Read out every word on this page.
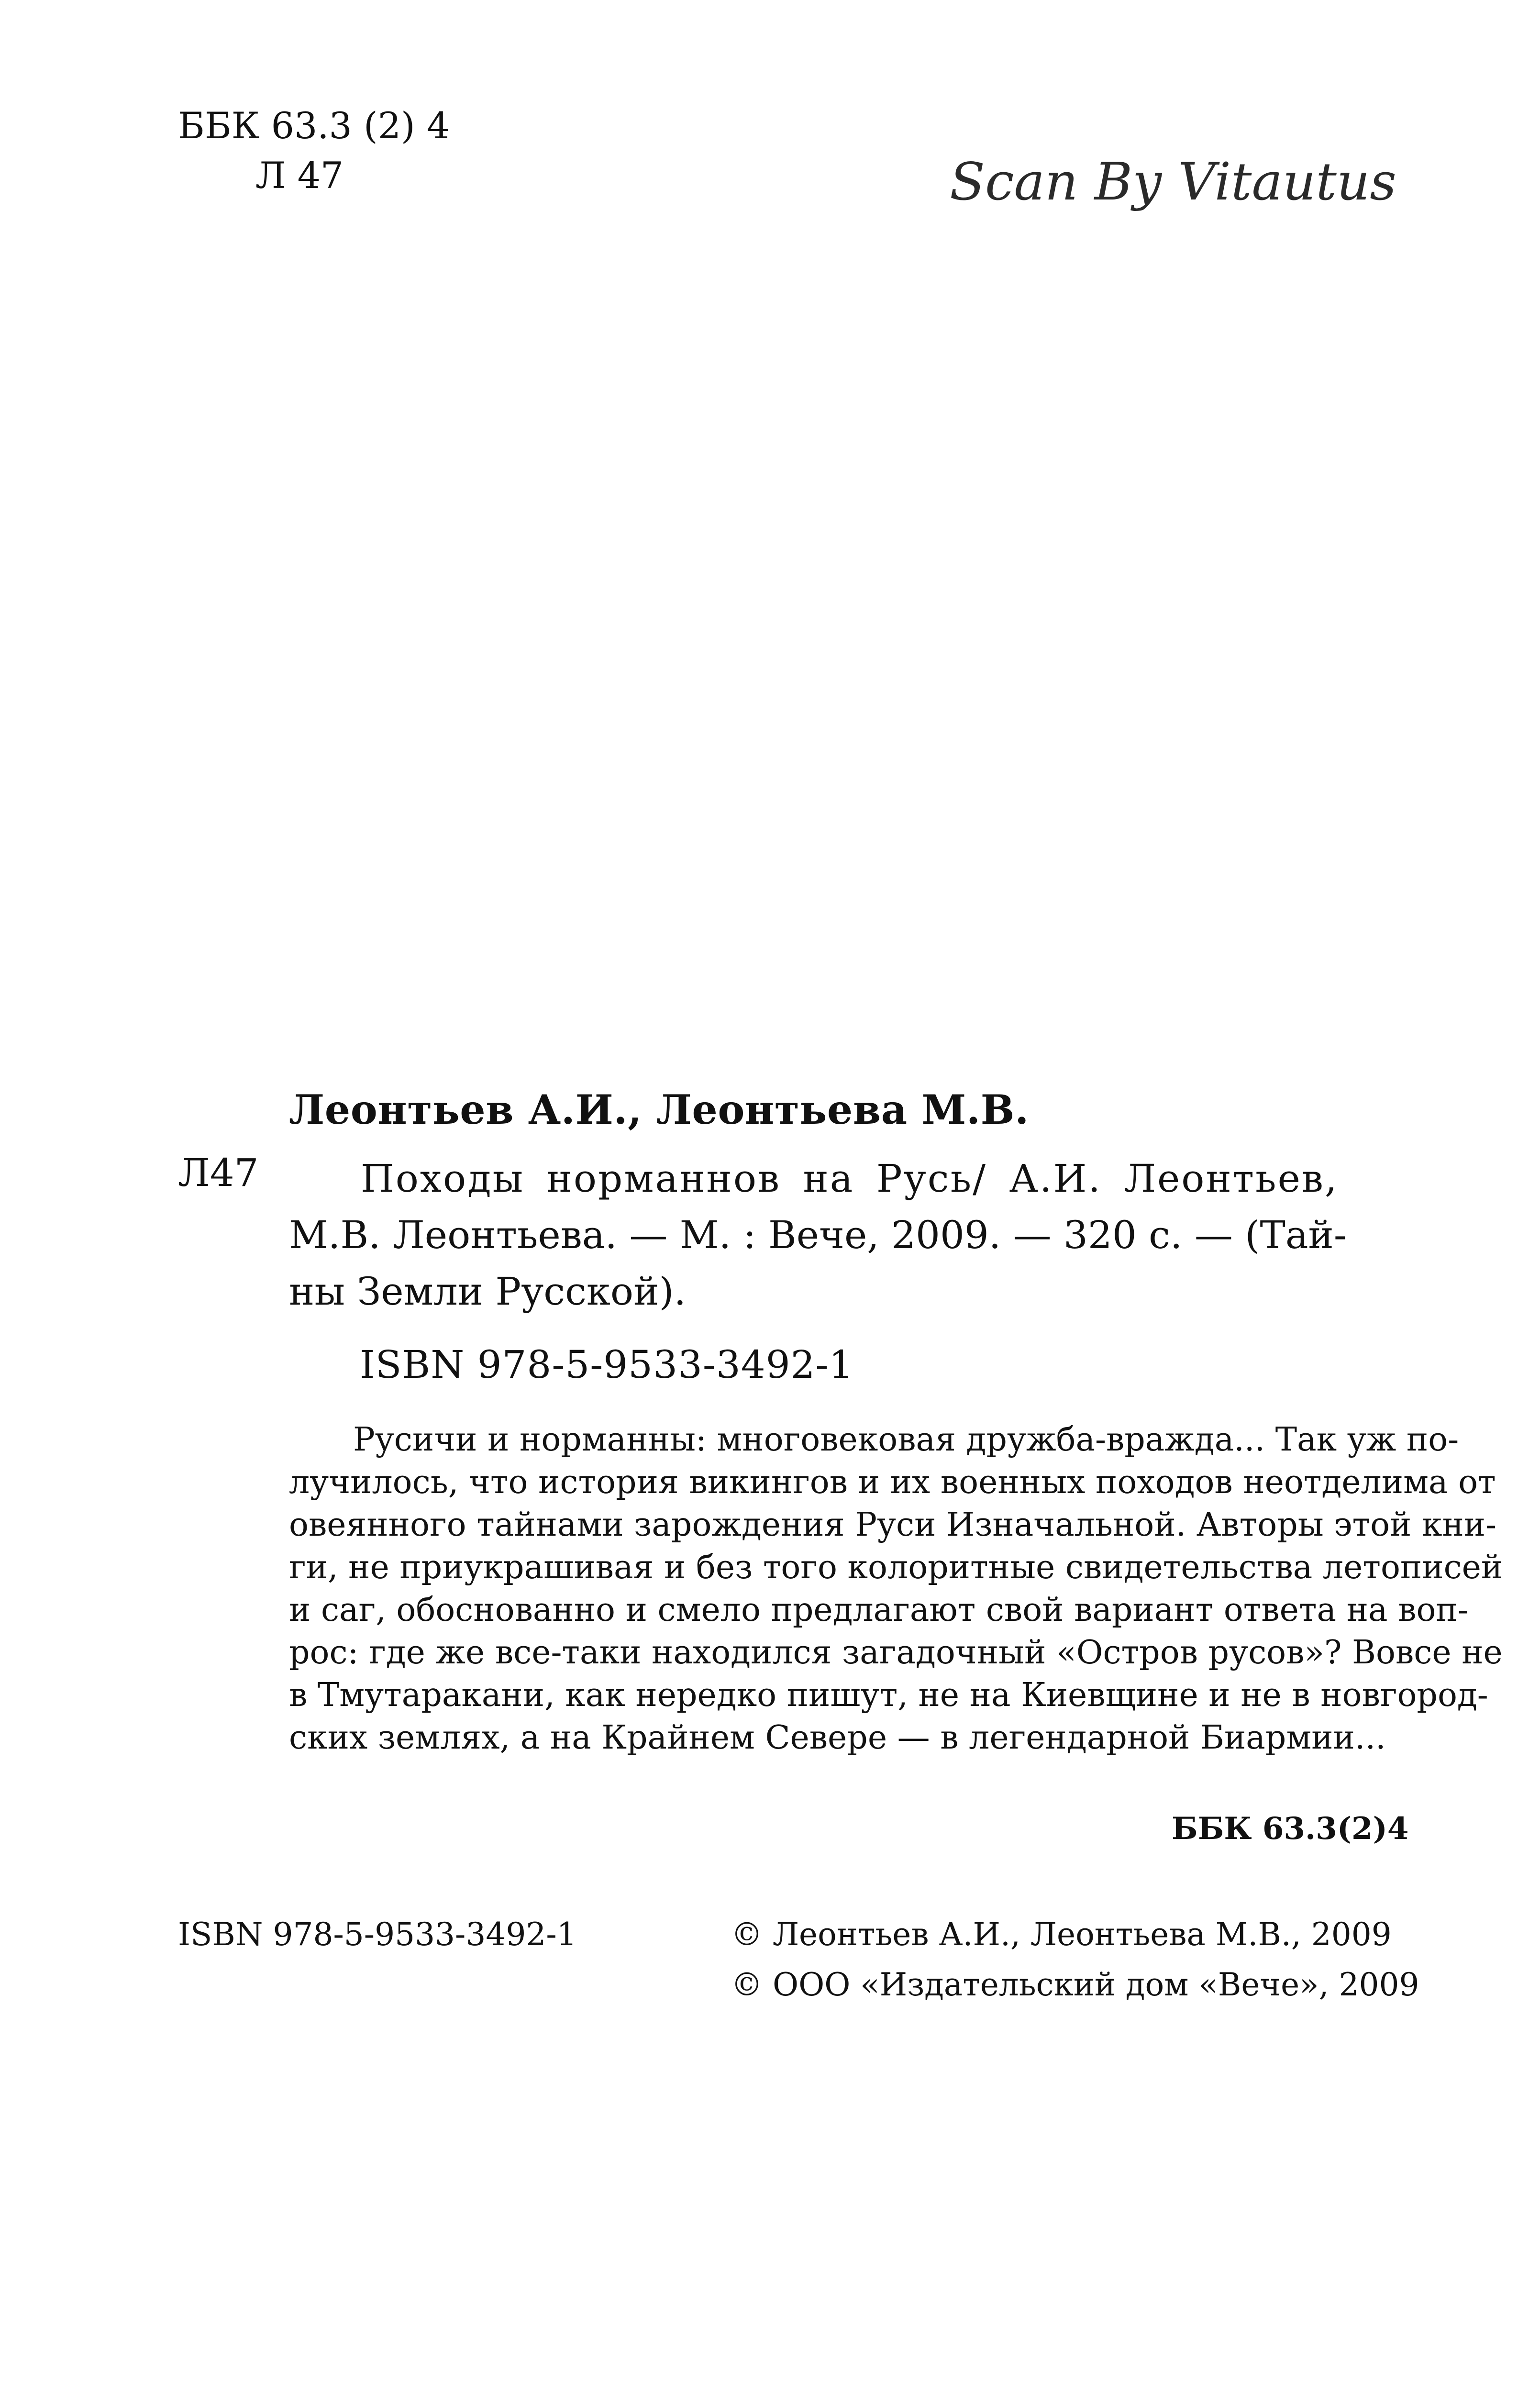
ББК 63.3 (2) 4
Л 47	Scan By Vitautus
Леонтьев А.И., Леонтьева М.В.
Л47	Походы норманнов на Русь/ А.И. Леонтьев,
М.В. Леонтьева. — М. : Вече, 2009. — 320 с. — (Тай-
ны Земли Русской).
ISBN 978-5-9533-3492-1
Русичи и норманны: многовековая дружба-вражда... Так уж по-
лучилось, что история викингов и их военных походов неотделима от
овеянного тайнами зарождения Руси Изначальной. Авторы этой кни-
ги, не приукрашивая и без того колоритные свидетельства летописей
и саг, обоснованно и смело предлагают свой вариант ответа на воп-
рос: где же все-таки находился загадочный «Остров русов»? Вовсе не
в Тмутаракани, как нередко пишут, не на Киевщине и не в новгород-
ских землях, а на Крайнем Севере — в легендарной Биармии...
ББК 63.3(2)4
ISBN 978-5-9533-3492-1	© Леонтьев А.И., Леонтьева М.В., 2009
© ООО «Издательский дом «Вече», 2009
